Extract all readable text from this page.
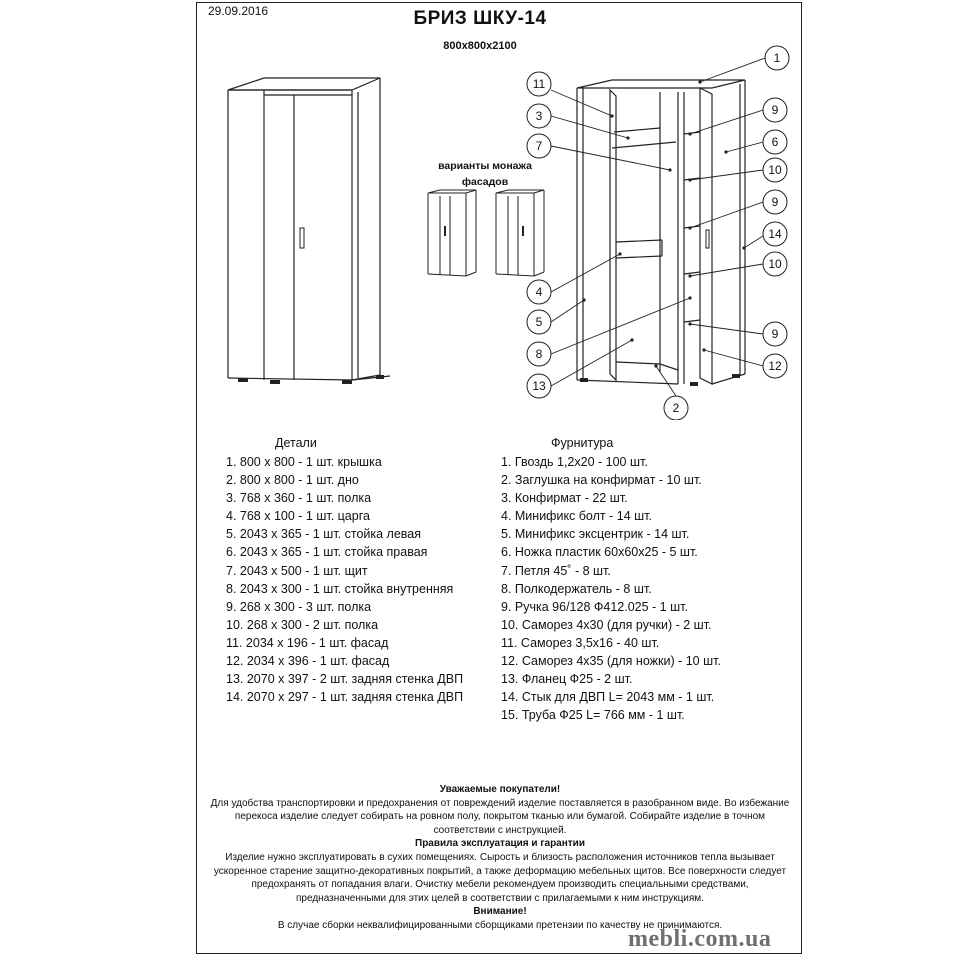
29.09.2016	БРИЗ ШКУ-14
800х800х2100
варианты монажа фасадов
1
11
3
7
9
6
10
9
14
10
4
5
8
9
12
13
2
Детали
1. 800 х 800 - 1 шт. крышка
2. 800 х 800 - 1 шт. дно
3. 768 х 360 - 1 шт. полка
4. 768 х 100 - 1 шт. царга
5. 2043 х 365 - 1 шт. стойка левая
6. 2043 х 365 - 1 шт. стойка правая
7. 2043 х 500 - 1 шт. щит
8. 2043 х 300 - 1 шт. стойка внутренняя
9. 268 х 300 - 3 шт. полка
10. 268 х 300 - 2 шт. полка
11. 2034 х 196 - 1 шт. фасад
12. 2034 х 396 - 1 шт. фасад
13. 2070 х 397 - 2 шт. задняя стенка ДВП
14. 2070 х 297 - 1 шт. задняя стенка ДВП
Фурнитура
1. Гвоздь 1,2х20 - 100 шт.
2. Заглушка на конфирмат - 10 шт.
3. Конфирмат - 22 шт.
4. Минификс болт - 14 шт.
5. Минификс эксцентрик - 14 шт.
6. Ножка пластик 60х60х25 - 5 шт.
7. Петля 45˚ - 8 шт.
8. Полкодержатель - 8 шт.
9. Ручка 96/128 Ф412.025 - 1 шт.
10. Саморез 4х30 (для ручки) - 2 шт.
11. Саморез 3,5х16 - 40 шт.
12. Саморез 4х35 (для ножки) - 10 шт.
13. Фланец Ф25 - 2 шт.
14. Стык для ДВП L= 2043 мм - 1 шт.
15. Труба Ф25 L= 766 мм - 1 шт.
Уважаемые покупатели!
Для удобства транспортировки и предохранения от повреждений изделие поставляется в разобранном виде. Во избежание перекоса изделие следует собирать на ровном полу, покрытом тканью или бумагой. Собирайте изделие в точном соответствии с инструкцией.
Правила эксплуатация и гарантии
Изделие нужно эксплуатировать в сухих помещениях. Сырость и близость расположения источников тепла вызывает ускоренное старение защитно-декоративных покрытий, а также деформацию мебельных щитов. Все поверхности следует предохранять от попадания влаги. Очистку мебели рекомендуем производить специальными средствами, предназначенными для этих целей в соответствии с прилагаемыми к ним инструкциям.
Внимание!
В случае сборки неквалифицированными сборщиками претензии по качеству не принимаются.
mebli.com.ua
